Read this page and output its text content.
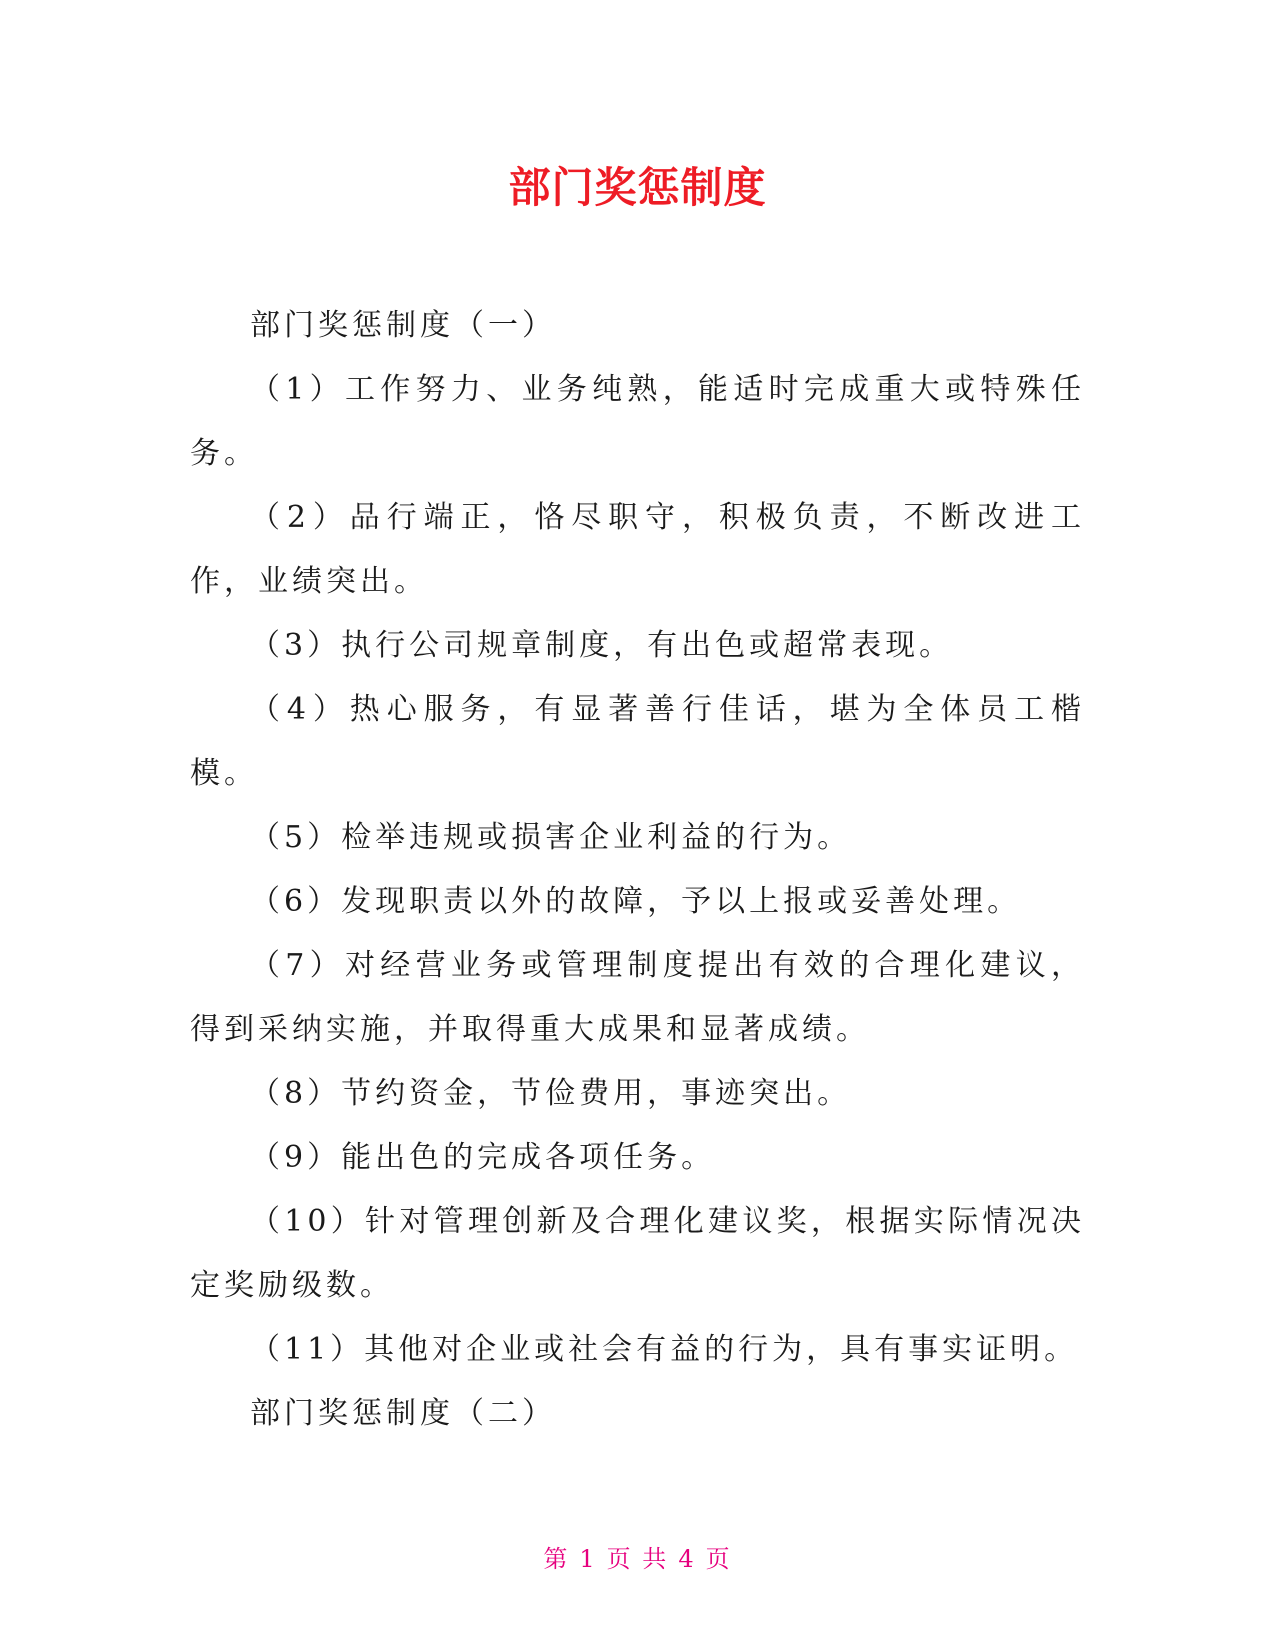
部门奖惩制度

部门奖惩制度（一）

（1）工作努力、业务纯熟，能适时完成重大或特殊任务。

（2）品行端正，恪尽职守，积极负责，不断改进工作，业绩突出。

（3）执行公司规章制度，有出色或超常表现。

（4）热心服务，有显著善行佳话，堪为全体员工楷模。

（5）检举违规或损害企业利益的行为。

（6）发现职责以外的故障，予以上报或妥善处理。

（7）对经营业务或管理制度提出有效的合理化建议，得到采纳实施，并取得重大成果和显著成绩。

（8）节约资金，节俭费用，事迹突出。

（9）能出色的完成各项任务。

（10）针对管理创新及合理化建议奖，根据实际情况决定奖励级数。

（11）其他对企业或社会有益的行为，具有事实证明。

部门奖惩制度（二）

第 1 页 共 4 页
